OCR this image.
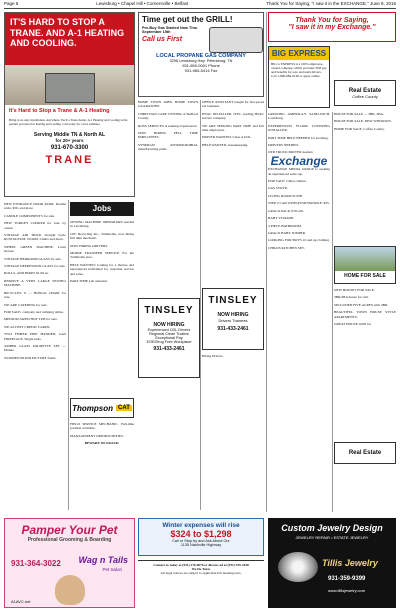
Page 6	Lewisburg • Chapel Hill • Cornersville • Belfast	Thank You for Saying, "I saw it in the EXCHANGE," June 8, 2016
IT'S HARD TO STOP A TRANE. AND A-1 HEATING AND COOLING.
It's Hard to Stop a Trane & A-1 Heating
Bring it on. Any installation. Anywhere. Each a Trane dealer, A-1 Heating and Cooling is the partner you need for heating and cooling. Call today for a free estimate.
Serving Middle TN & North AL
for 20+ years
931-670-3300
TRANE

NEW ENTRANCE DOOR $2400. Double wide, $50, and more.

CANDLE COMPONENTS for sale.

NEW TURKEY COOKER for sale, by owner.

VINTAGE AIR TRICK brought back. RUSTOLEUM, WOOD. Chairs and more.

WHEEL GREEN MACHINE. Lawn mower.

VINTAGE BEDROOM GLASS for sale.

VINTAGE DEPRESSION GLASS for sale.

ROLLS, AND BIKES $1.00 ea.

REMOVE A VERY LARGE SEWING MACHINE.

BICYCLES: 8 — BONGO CHAIR for sale.

WE ARE CATERING for sale.

FOR SALE, company and camping tables.

MEDIUM-SIZED HOT TUB for sale.

WE ACCEPT CREDIT CARDS.

TWO FISHER PINE HANDED. GAS FIREPLACE. Single beds.

AMBER GLASS PALMETTE SET — Dishes.

WOODEN BLIND PICTURE frame.

Jobs

SEWING MACHINE OPERATORS needed in Lewisburg.

CPC Recycling Inc., Tullahoma, now hiring full time mechanic.

NOW HIRING DRIVERS.

MORSE TRANSFER SERVICE. For the Tullahoma area.

HELP WANTED: looking for a mature and experienced individual for customer service and sales.

PART-TIME Lab assistant.

Thompson CAT

FIELD SERVICE MECHANIC. Full-time position available.

MANAGEMENT OPPORTUNITIES.

BEWARE OF FRAUD.

Pamper Your Pet
Professional Grooming & Boarding
931-364-3022 Wag n Tails
Pet Salon
A1AVC.net
Time get out the GRILL!
Pre-Buy Gas Started Now Thru September 15th
Call us First
LOCAL PROPANE GAS COMPANY
3296 Lewisburg Hwy. Petersburg, TN
931-659-0001 Phone
931-965-5414 Fax

HOME TOWN JOBS, HOME TOWN GUARANTEE.

CHRISTIAN CARE CENTER of Bedford County.

ROSS SERVICES is seeking experienced.

NOW HIRING PELL TIME EMPLOYEES.

SYNERGIS ANTIMICROBIAL manufacturing plant.

OFFICE ASSISTANT sought for fast-paced tax business.

HVAC INSTALLER. ITEC, leading HVAC service company.

WE ARE SEEKING PART TIME and full time employees.

DRIVER WANTED: Class A CDL.

HELP WANTED, housekeeping.

TINSLEY
NOW HIRING
Experienced CDL Drivers
Regional Clean Trailers
Exceptional Pay
EOE/Drug Free Workplace
931-433-2461
TINSLEY
NOW HIRING
Drivers Trainees
931-433-2461

Hiring Drivers.

Winter expenses will rise
$324 to $1,298
Call or Stop by and Ask About Our
1135 Nashville Highway
Contact us today at (931) 270-6076 or discuss ad at (931) 359-4448
We Do Taxes
All legal notices are subject to applicable fair housing laws.
Thank You for Saying,
"I saw it in my Exchange."
BIG EXPRESS
BIG G EXPRESS is a 100% employee-owned company, which provides TOP pay and benefits for solo and team drivers. Call 1-800-684-9140 or apply online.
Real Estate
Coffee County

GROWING AMERICA'S SAND-WICH. Lewisburg.

EXPERIENCED FLOOR COVERING INSTALLER.

PART TIME HELP NEEDED for stocking.

DRIVERS NEEDED.

OTR TRUCK DRIVER needed.

Exchange

EXCHANGE MEDIA GROUP is seeking an experienced sales rep.

FOR SALE: China cabinet.

GAS STOVE.

LIVING ROOM SUITE.

STEP 2 CAR WITH PUSH HANDLE. $35.

GRACO PACK N PLAY.

BABY VITAMIN.

3 PIECE BATHROOM.

GRACO BABY JUMPER.

LOOKING FOR BOYS 10 and up clothing.

CHILDS KITCHEN SET.

HOUSE FOR SALE — 3BR, 2BA.

HOUSE FOR SALE, NEW WINDOWS.

HOME FOR SALE, Coffee County.

HOME FOR SALE

NEW HOUSES FOR SALE.

3BR/2BA house for rent.

SECLUDED FIVE ACRES with 4BR.

BEAUTIFUL TOWN HOUSE STYLE APARTMENTS.

GREAT HOUSE AND lot.

Real Estate
Custom Jewelry Design
JEWELRY REPAIR • ESTATE JEWELRY
Tillis Jewelry
931-359-9399
www.tillisjewelry.com
